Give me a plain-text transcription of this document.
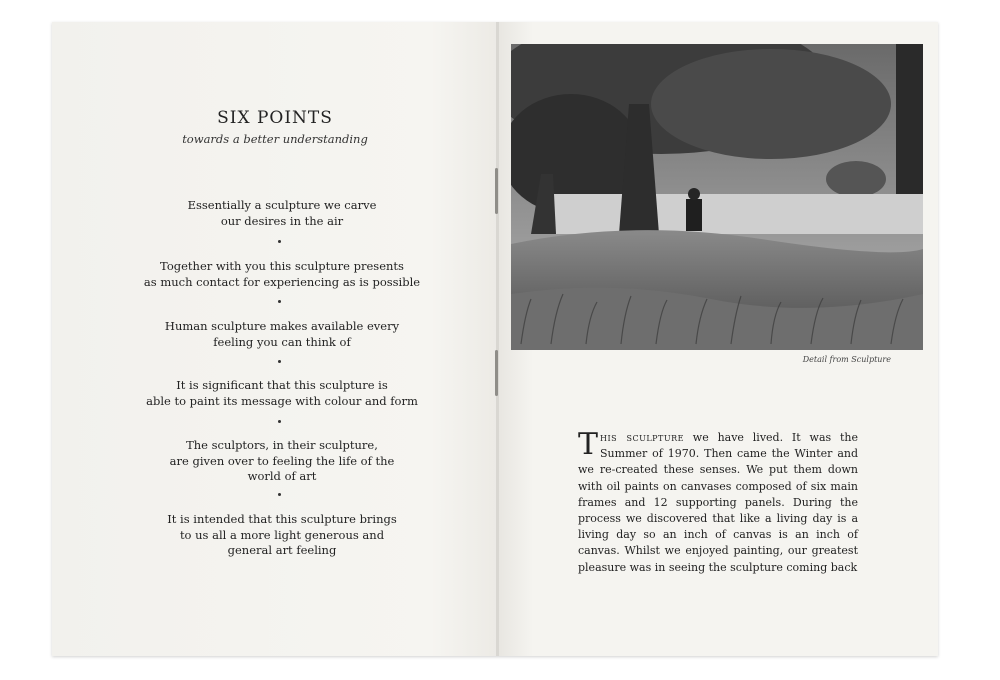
SIX POINTS
towards a better understanding
Essentially a sculpture we carve
our desires in the air
Together with you this sculpture presents
as much contact for experiencing as is possible
Human sculpture makes available every
feeling you can think of
It is significant that this sculpture is
able to paint its message with colour and form
The sculptors, in their sculpture,
are given over to feeling the life of the
world of art
It is intended that this sculpture brings
to us all a more light generous and
general art feeling
Detail from Sculpture
This sculpture we have lived. It was the Summer of 1970. Then came the Winter and we re-created these senses. We put them down with oil paints on canvases composed of six main frames and 12 supporting panels. During the process we discovered that like a living day is a living day so an inch of canvas is an inch of canvas. Whilst we enjoyed painting, our greatest pleasure was in seeing the sculpture coming back
